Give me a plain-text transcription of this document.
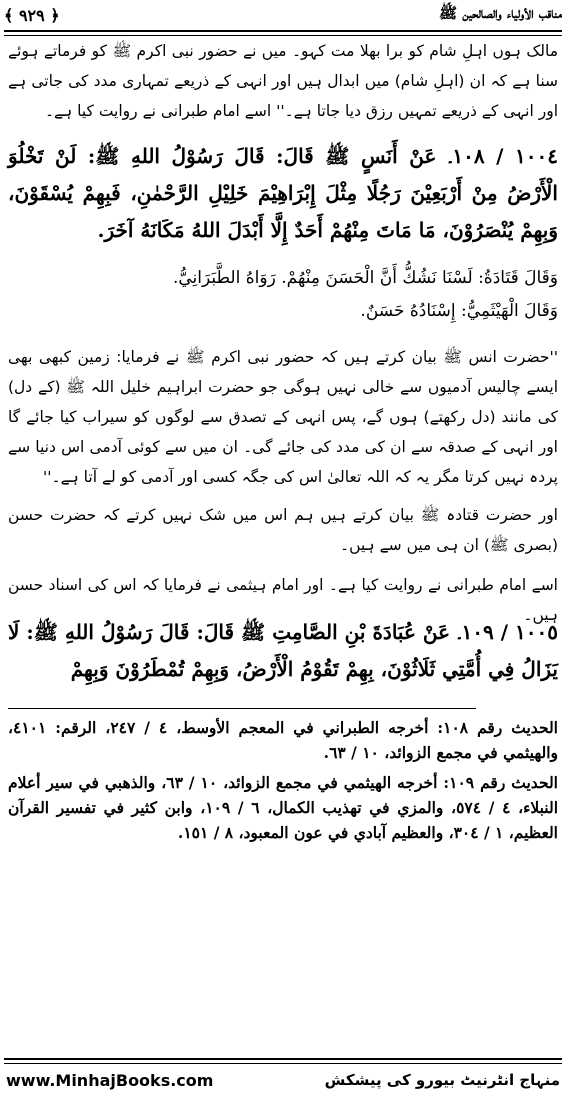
مناقب الأولياء والصالحين ﷺ
﴿ ٩٢٩ ﴾
مالک ہوں اہلِ شام کو برا بھلا مت کہو۔ میں نے حضور نبی اکرم ﷺ کو فرماتے ہوئے سنا ہے کہ ان (اہلِ شام) میں ابدال ہیں اور انہی کے ذریعے تمہاری مدد کی جاتی ہے اور انہی کے ذریعے تمہیں رزق دیا جاتا ہے۔'' اسے امام طبرانی نے روایت کیا ہے۔
١٠٠٤ / ١٠٨۔ عَنْ أَنَسٍ ﷺ قَالَ: قَالَ رَسُوْلُ اللهِ ﷺ: لَنْ تَخْلُوَ الْأَرْضُ مِنْ أَرْبَعِيْنَ رَجُلًا مِثْلَ إِبْرَاهِيْمَ خَلِيْلِ الرَّحْمٰنِ، فَبِهِمْ يُسْقَوْنَ، وَبِهِمْ يُنْصَرُوْنَ، مَا مَاتَ مِنْهُمْ أَحَدٌ إِلَّا أَبْدَلَ اللهُ مَكَانَهُ آخَرَ.
وَقَالَ قَتَادَةُ: لَسْنَا نَشُكُّ أَنَّ الْحَسَنَ مِنْهُمْ. رَوَاهُ الطَّبَرَانِيُّ.
وَقَالَ الْهَيْثَمِيُّ: إِسْنَادُهُ حَسَنٌ.
''حضرت انس ﷺ بیان کرتے ہیں کہ حضور نبی اکرم ﷺ نے فرمایا: زمین کبھی بھی ایسے چالیس آدمیوں سے خالی نہیں ہوگی جو حضرت ابراہیم خلیل اللہ ﷺ (کے دل) کی مانند (دل رکھتے) ہوں گے، پس انہی کے تصدق سے لوگوں کو سیراب کیا جائے گا اور انہی کے صدقہ سے ان کی مدد کی جائے گی۔ ان میں سے کوئی آدمی اس دنیا سے پردہ نہیں کرتا مگر یہ کہ اللہ تعالیٰ اس کی جگہ کسی اور آدمی کو لے آتا ہے۔''
اور حضرت قتادہ ﷺ بیان کرتے ہیں ہم اس میں شک نہیں کرتے کہ حضرت حسن (بصری ﷺ) ان ہی میں سے ہیں۔
اسے امام طبرانی نے روایت کیا ہے۔ اور امام ہیثمی نے فرمایا کہ اس کی اسناد حسن ہیں۔
١٠٠٥ / ١٠٩۔ عَنْ عُبَادَةَ بْنِ الصَّامِتِ ﷺ قَالَ: قَالَ رَسُوْلُ اللهِ ﷺ: لَا يَزَالُ فِي أُمَّتِي ثَلَاثُوْنَ، بِهِمْ تَقُوْمُ الْأَرْضُ، وَبِهِمْ تُمْطَرُوْنَ وَبِهِمْ
الحديث رقم ١٠٨: أخرجه الطبراني في المعجم الأوسط، ٤ / ٢٤٧، الرقم: ٤١٠١، والهيثمي في مجمع الزوائد، ١٠ / ٦٣.
الحديث رقم ١٠٩: أخرجه الهيثمي في مجمع الزوائد، ١٠ / ٦٣، والذهبي في سير أعلام النبلاء، ٤ / ٥٧٤، والمزي في تهذيب الكمال، ٦ / ١٠٩، وابن كثير في تفسير القرآن العظيم، ١ / ٣٠٤، والعظيم آبادي في عون المعبود، ٨ / ١٥١.
منہاج انٹرنیٹ بیورو کی پیشکش
www.MinhajBooks.com
